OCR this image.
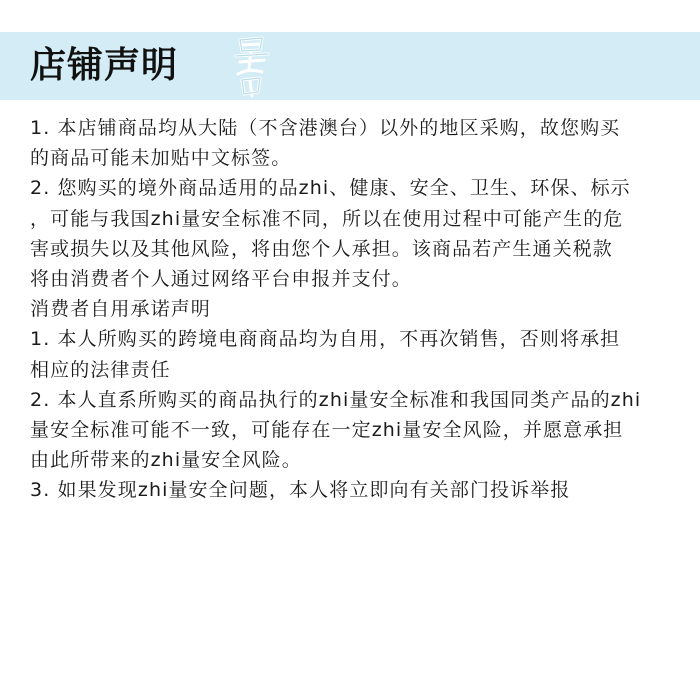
店铺声明
1. 本店铺商品均从大陆（不含港澳台）以外的地区采购，故您购买
的商品可能未加贴中文标签。
2. 您购买的境外商品适用的品zhi、健康、安全、卫生、环保、标示
，可能与我国zhi量安全标准不同，所以在使用过程中可能产生的危
害或损失以及其他风险，将由您个人承担。该商品若产生通关税款
将由消费者个人通过网络平台申报并支付。
消费者自用承诺声明
1. 本人所购买的跨境电商商品均为自用，不再次销售，否则将承担
相应的法律责任
2. 本人直系所购买的商品执行的zhi量安全标准和我国同类产品的zhi
量安全标准可能不一致，可能存在一定zhi量安全风险，并愿意承担
由此所带来的zhi量安全风险。
3. 如果发现zhi量安全问题，本人将立即向有关部门投诉举报
